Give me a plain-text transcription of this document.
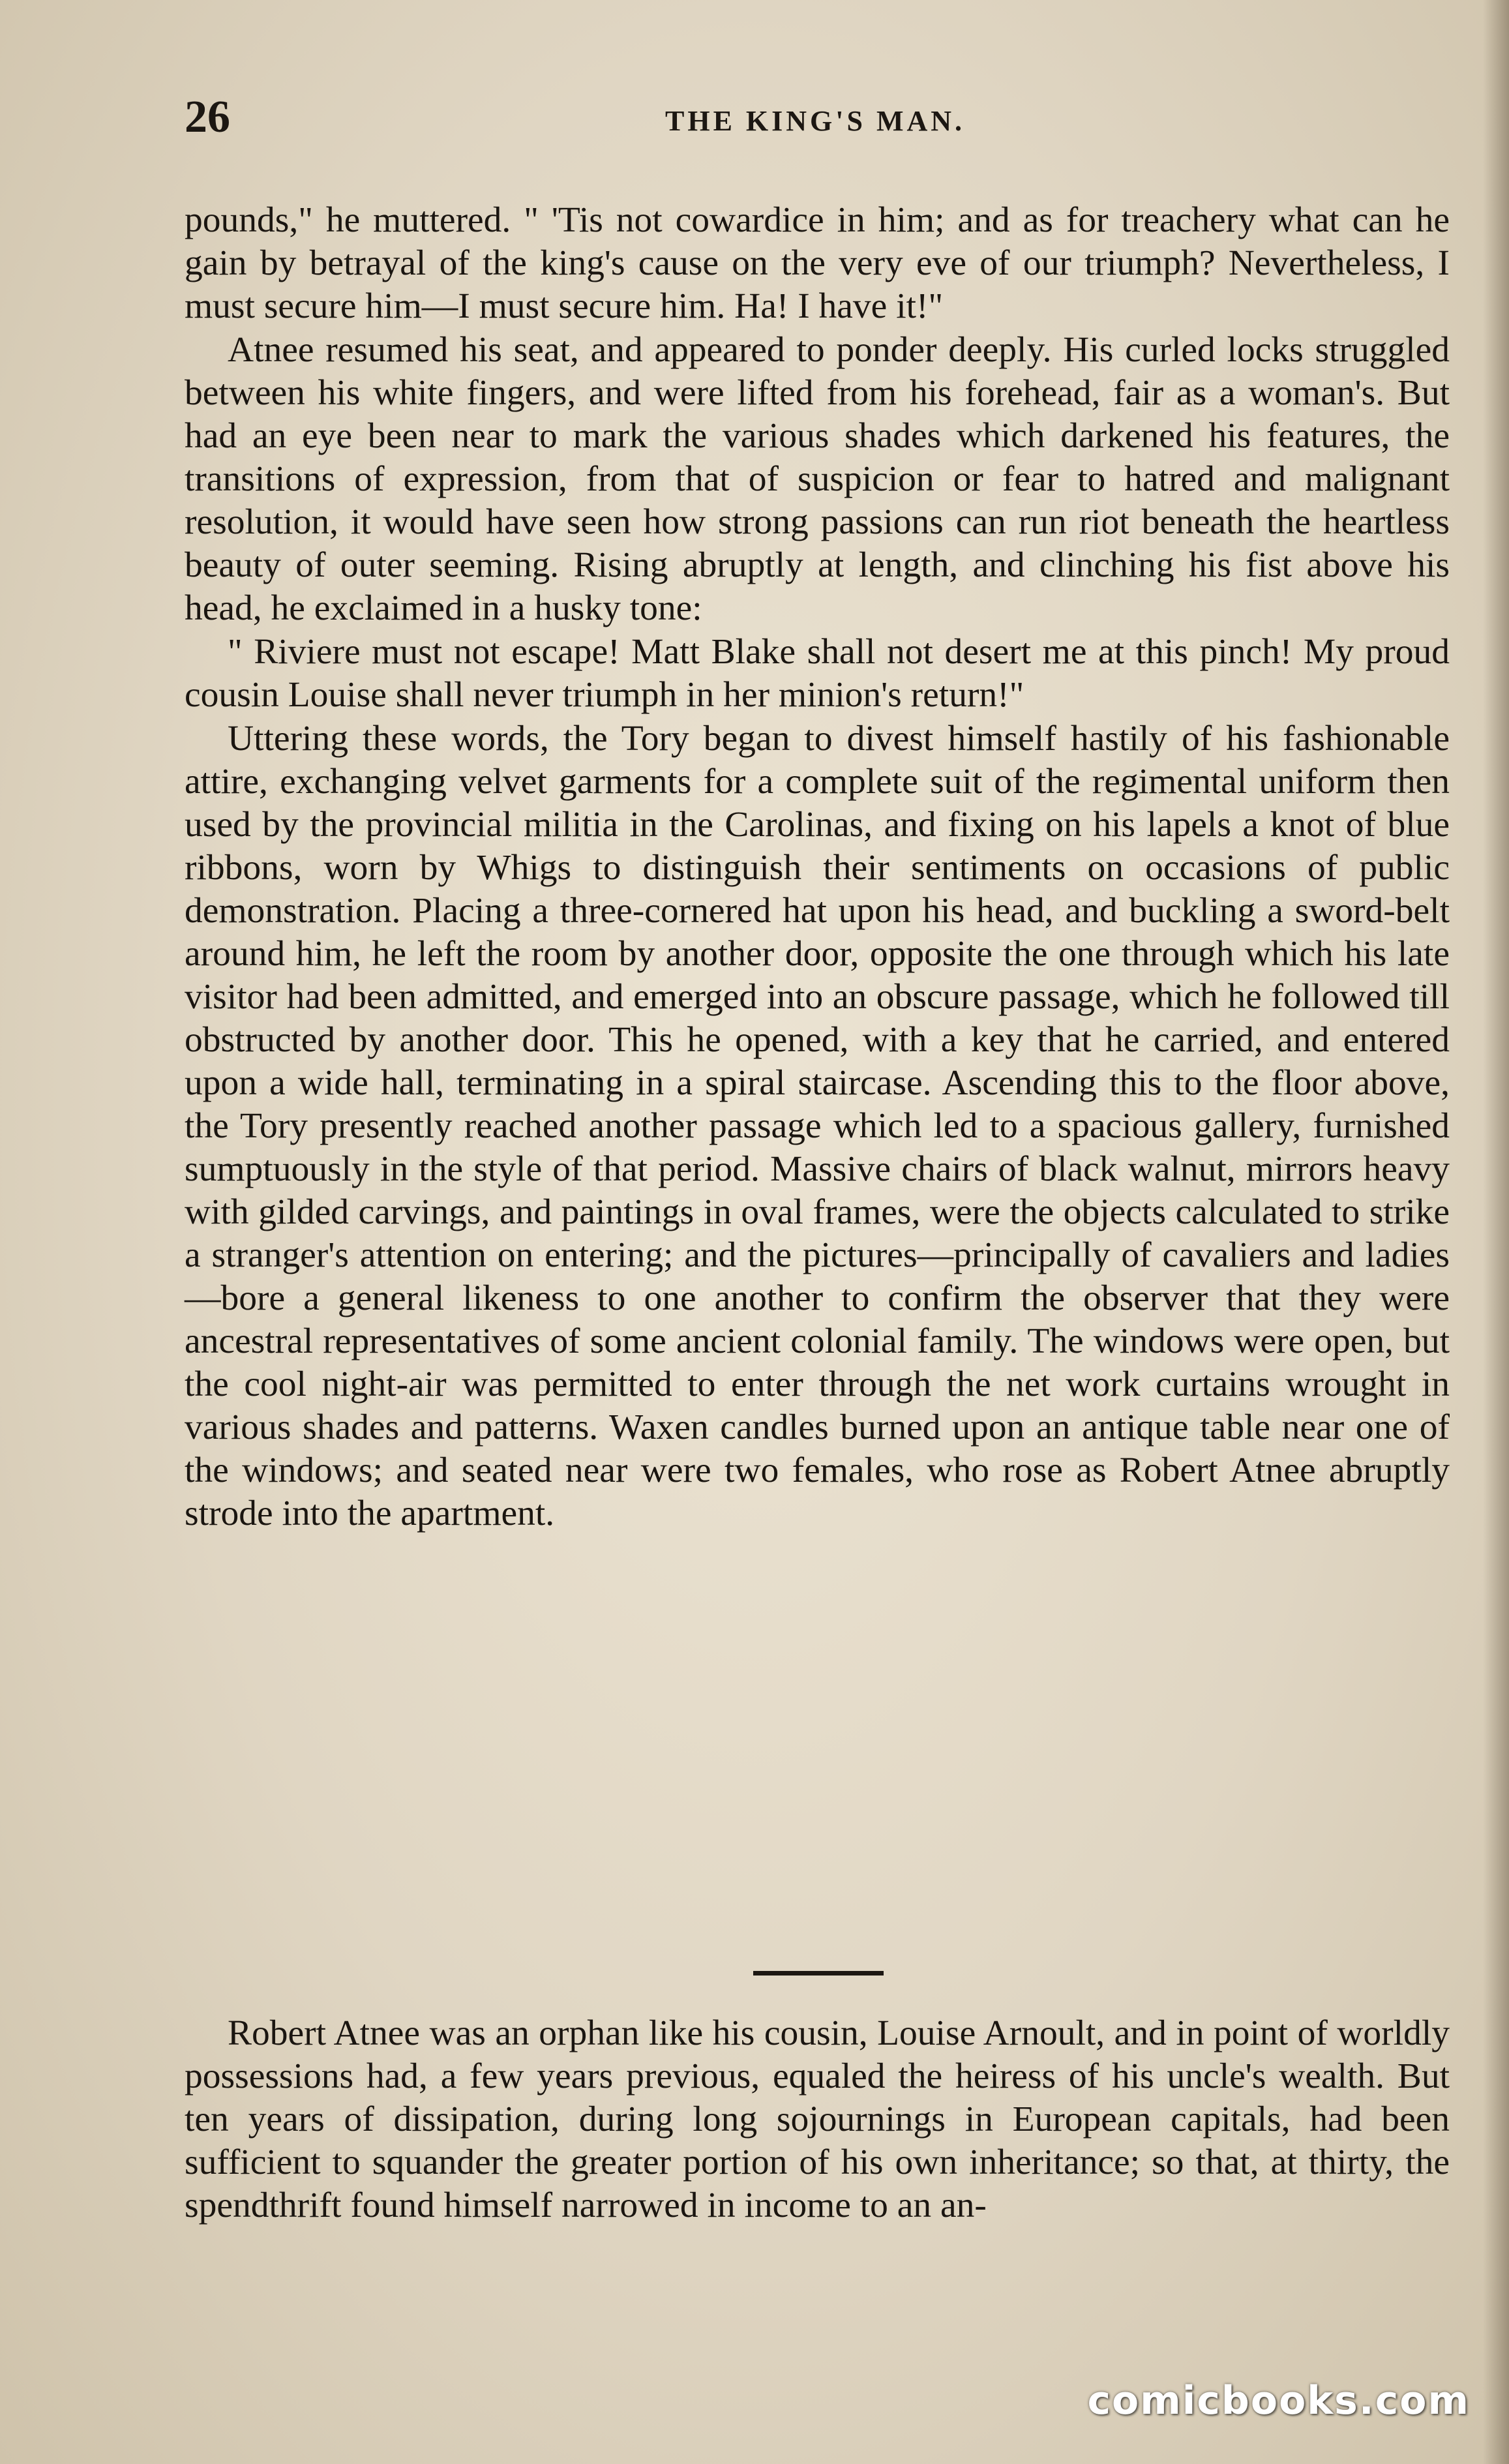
26	THE KING'S MAN.

pounds," he muttered. " 'Tis not cowardice in him; and as for treachery what can he gain by betrayal of the king's cause on the very eve of our triumph? Nevertheless, I must secure him—I must secure him. Ha! I have it!"

Atnee resumed his seat, and appeared to ponder deeply. His curled locks struggled between his white fingers, and were lifted from his forehead, fair as a woman's. But had an eye been near to mark the various shades which darkened his features, the transitions of expression, from that of suspicion or fear to hatred and malignant resolution, it would have seen how strong passions can run riot beneath the heartless beauty of outer seeming. Rising abruptly at length, and clinching his fist above his head, he exclaimed in a husky tone:

" Riviere must not escape! Matt Blake shall not desert me at this pinch! My proud cousin Louise shall never triumph in her minion's return!"

Uttering these words, the Tory began to divest himself hastily of his fashionable attire, exchanging velvet garments for a complete suit of the regimental uniform then used by the provincial militia in the Carolinas, and fixing on his lapels a knot of blue ribbons, worn by Whigs to distinguish their sentiments on occasions of public demonstration. Placing a three-cornered hat upon his head, and buckling a sword-belt around him, he left the room by another door, opposite the one through which his late visitor had been admitted, and emerged into an obscure passage, which he followed till obstructed by another door. This he opened, with a key that he carried, and entered upon a wide hall, terminating in a spiral staircase. Ascending this to the floor above, the Tory presently reached another passage which led to a spacious gallery, furnished sumptuously in the style of that period. Massive chairs of black walnut, mirrors heavy with gilded carvings, and paintings in oval frames, were the objects calculated to strike a stranger's attention on entering; and the pictures—principally of cavaliers and ladies—bore a general likeness to one another to confirm the observer that they were ancestral representatives of some ancient colonial family. The windows were open, but the cool night-air was permitted to enter through the net work curtains wrought in various shades and patterns. Waxen candles burned upon an antique table near one of the windows; and seated near were two females, who rose as Robert Atnee abruptly strode into the apartment.

Robert Atnee was an orphan like his cousin, Louise Arnoult, and in point of worldly possessions had, a few years previous, equaled the heiress of his uncle's wealth. But ten years of dissipation, during long sojournings in European capitals, had been sufficient to squander the greater portion of his own inheritance; so that, at thirty, the spendthrift found himself narrowed in income to an an-

comicbooks.com
